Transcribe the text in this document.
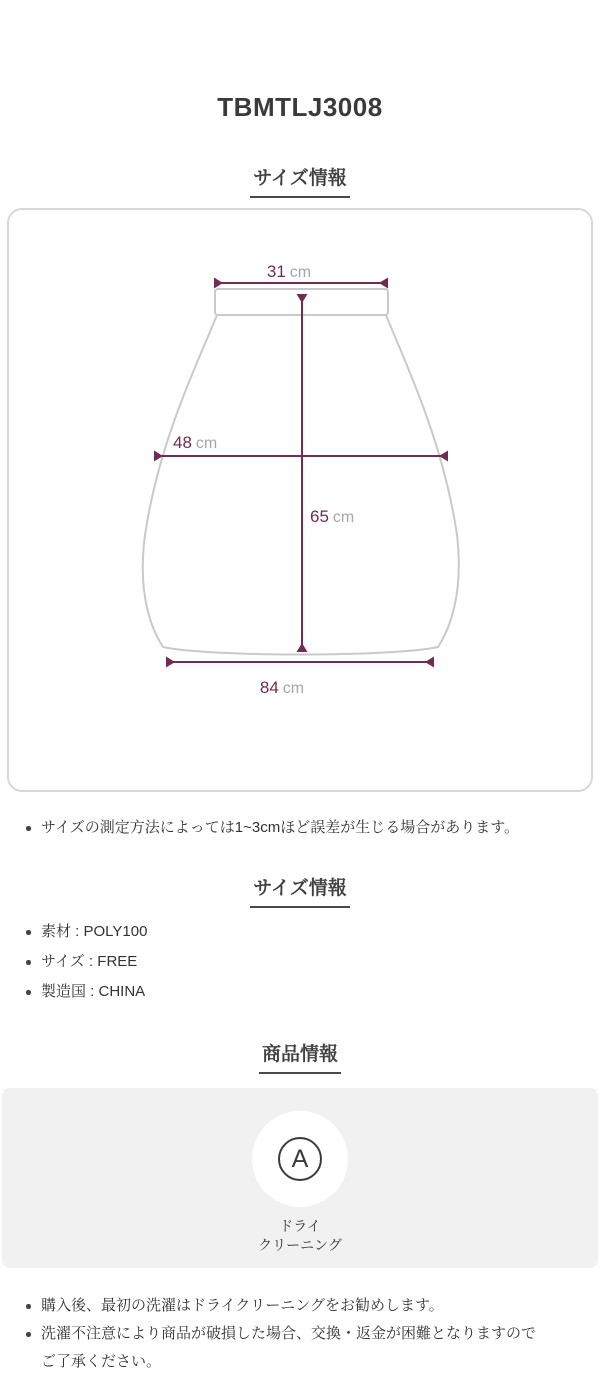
TBMTLJ3008
サイズ情報
31 cm
48 cm
65 cm
84 cm
サイズの測定方法によっては1~3cmほど誤差が生じる場合があります。
サイズ情報
素材 : POLY100
サイズ : FREE
製造国 : CHINA
商品情報
A
ドライ
クリーニング
購入後、最初の洗濯はドライクリーニングをお勧めします。
洗濯不注意により商品が破損した場合、交換・返金が困難となりますのでご了承ください。
